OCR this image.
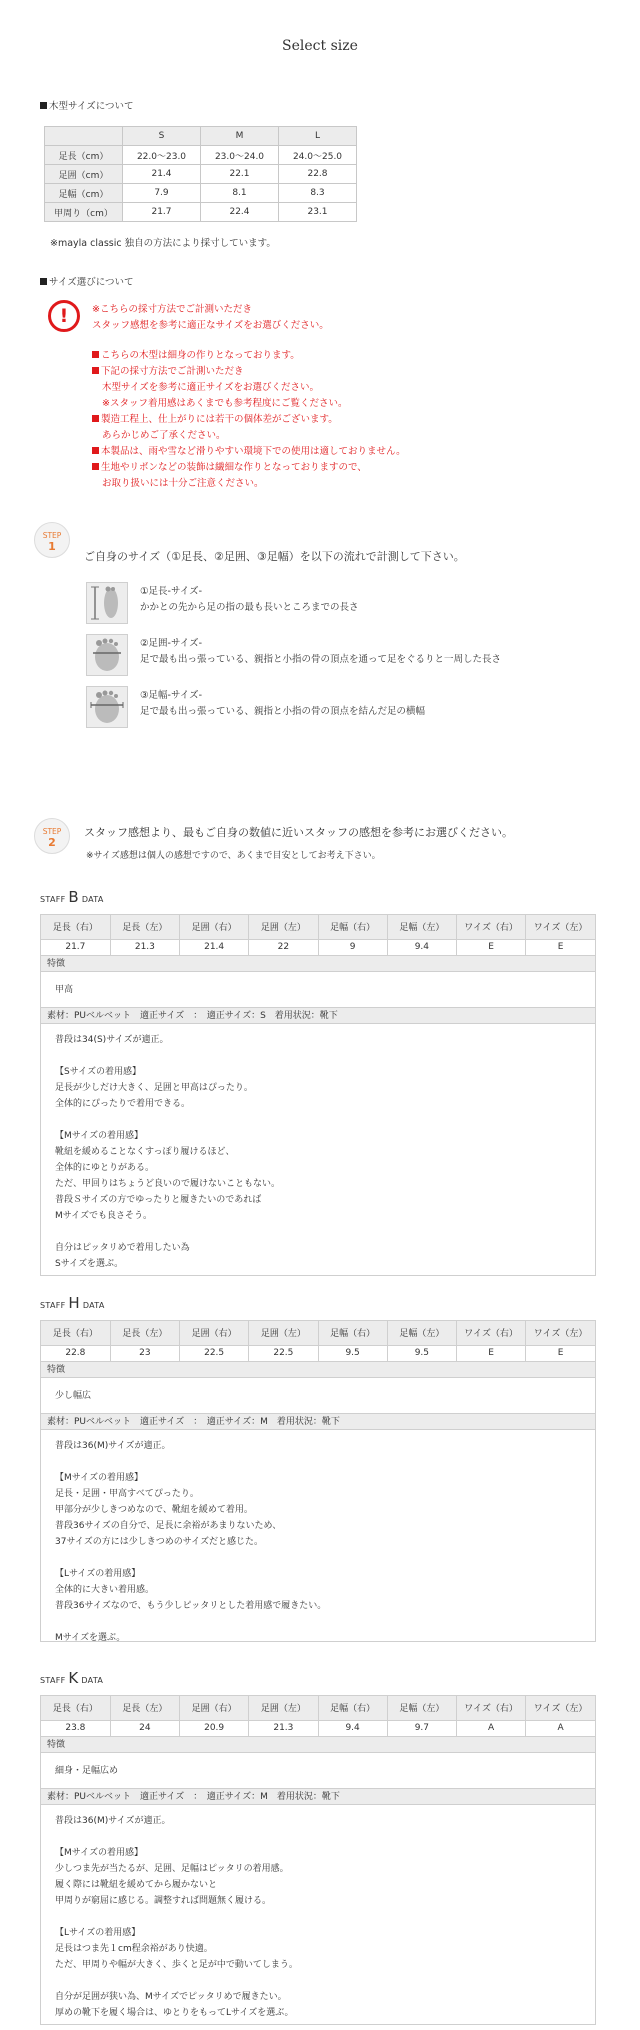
Select size
木型サイズについて
	S	M	L
足長（cm）	22.0〜23.0	23.0〜24.0	24.0〜25.0
足囲（cm）	21.4	22.1	22.8
足幅（cm）	7.9	8.1	8.3
甲周り（cm）	21.7	22.4	23.1
※mayla classic 独自の方法により採寸しています。
サイズ選びについて
!	※こちらの採寸方法でご計測いただき
スタッフ感想を参考に適正なサイズをお選びください。
こちらの木型は細身の作りとなっております。
下記の採寸方法でご計測いただき
木型サイズを参考に適正サイズをお選びください。
※スタッフ着用感はあくまでも参考程度にご覧ください。
製造工程上、仕上がりには若干の個体差がございます。
あらかじめご了承ください。
本製品は、雨や雪など滑りやすい環境下での使用は適しておりません。
生地やリボンなどの装飾は繊細な作りとなっておりますので、
お取り扱いには十分ご注意ください。
STEP
1
ご自身のサイズ（①足長、②足囲、③足幅）を以下の流れで計測して下さい。
①足長-サイズ-
かかとの先から足の指の最も長いところまでの長さ
②足囲-サイズ-
足で最も出っ張っている、親指と小指の骨の頂点を通って足をぐるりと一周した長さ
③足幅-サイズ-
足で最も出っ張っている、親指と小指の骨の頂点を結んだ足の横幅
STEP
2
スタッフ感想より、最もご自身の数値に近いスタッフの感想を参考にお選びください。
※サイズ感想は個人の感想ですので、あくまで目安としてお考え下さい。
STAFF B DATA
足長（右）	足長（左）	足囲（右）	足囲（左）	足幅（右）	足幅（左）	ワイズ（右）	ワイズ（左）
21.7	21.3	21.4	22	9	9.4	E	E
特徴
甲高
素材：PUベルベット　適正サイズ　：　適正サイズ：S　着用状況：靴下
普段は34(S)サイズが適正。

【Sサイズの着用感】
足長が少しだけ大きく、足囲と甲高はぴったり。
全体的にぴったりで着用できる。

【Mサイズの着用感】
靴紐を緩めることなくすっぽり履けるほど、
全体的にゆとりがある。
ただ、甲回りはちょうど良いので履けないこともない。
普段Ｓサイズの方でゆったりと履きたいのであれば
Mサイズでも良さそう。

自分はピッタリめで着用したい為
Sサイズを選ぶ。
STAFF H DATA
足長（右）	足長（左）	足囲（右）	足囲（左）	足幅（右）	足幅（左）	ワイズ（右）	ワイズ（左）
22.8	23	22.5	22.5	9.5	9.5	E	E
特徴
少し幅広
素材：PUベルベット　適正サイズ　：　適正サイズ：M　着用状況：靴下
普段は36(M)サイズが適正。

【Mサイズの着用感】
足長・足囲・甲高すべてぴったり。
甲部分が少しきつめなので、靴紐を緩めて着用。
普段36サイズの自分で、足長に余裕があまりないため、
37サイズの方には少しきつめのサイズだと感じた。

【Lサイズの着用感】
全体的に大きい着用感。
普段36サイズなので、もう少しピッタリとした着用感で履きたい。

Mサイズを選ぶ。
STAFF K DATA
足長（右）	足長（左）	足囲（右）	足囲（左）	足幅（右）	足幅（左）	ワイズ（右）	ワイズ（左）
23.8	24	20.9	21.3	9.4	9.7	A	A
特徴
細身・足幅広め
素材：PUベルベット　適正サイズ　：　適正サイズ：M　着用状況：靴下
普段は36(M)サイズが適正。

【Mサイズの着用感】
少しつま先が当たるが、足囲、足幅はピッタリの着用感。
履く際には靴紐を緩めてから履かないと
甲周りが窮屈に感じる。調整すれば問題無く履ける。

【Lサイズの着用感】
足長はつま先１cm程余裕があり快適。
ただ、甲周りや幅が大きく、歩くと足が中で動いてしまう。

自分が足囲が狭い為、Mサイズでピッタリめで履きたい。
厚めの靴下を履く場合は、ゆとりをもってLサイズを選ぶ。
